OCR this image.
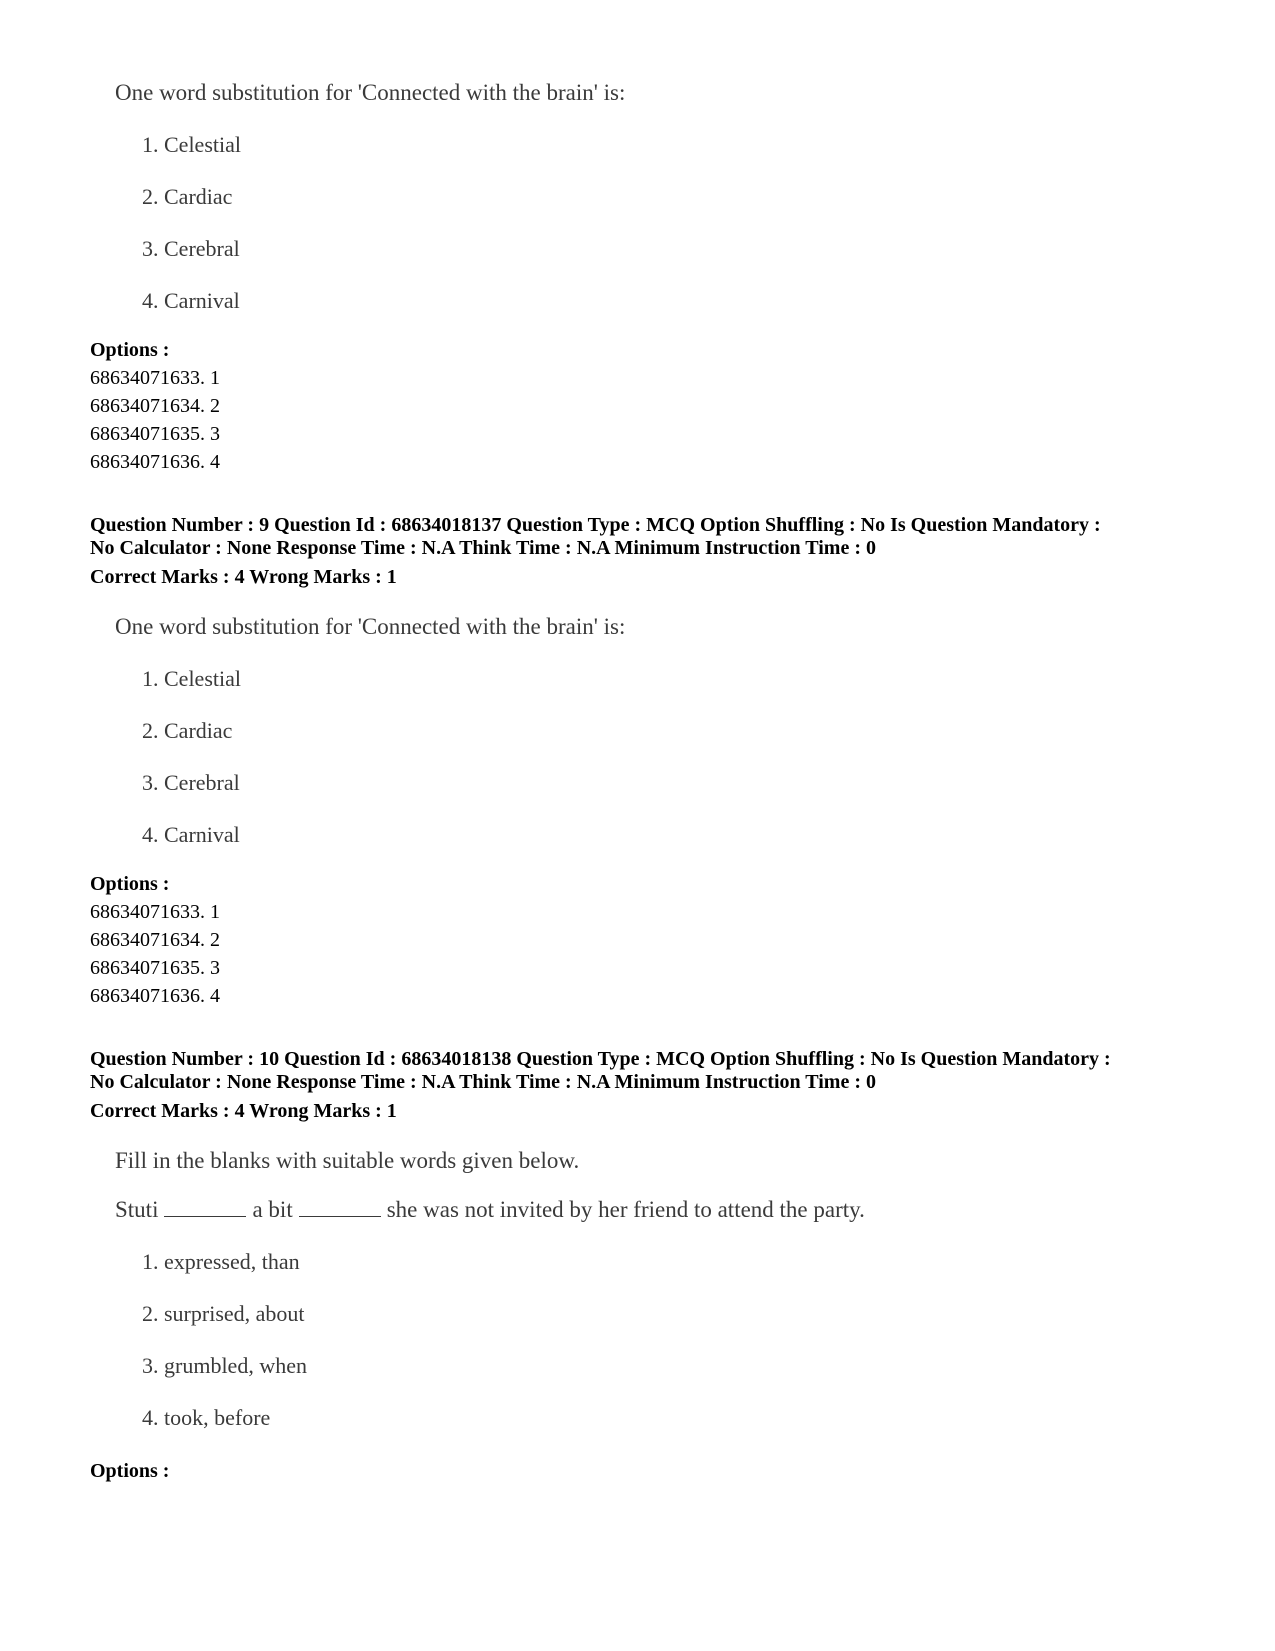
One word substitution for 'Connected with the brain' is:
1. Celestial
2. Cardiac
3. Cerebral
4. Carnival
Options :
68634071633. 1
68634071634. 2
68634071635. 3
68634071636. 4
Question Number : 9 Question Id : 68634018137 Question Type : MCQ Option Shuffling : No Is Question Mandatory :
No Calculator : None Response Time : N.A Think Time : N.A Minimum Instruction Time : 0
Correct Marks : 4 Wrong Marks : 1
One word substitution for 'Connected with the brain' is:
1. Celestial
2. Cardiac
3. Cerebral
4. Carnival
Options :
68634071633. 1
68634071634. 2
68634071635. 3
68634071636. 4
Question Number : 10 Question Id : 68634018138 Question Type : MCQ Option Shuffling : No Is Question Mandatory :
No Calculator : None Response Time : N.A Think Time : N.A Minimum Instruction Time : 0
Correct Marks : 4 Wrong Marks : 1
Fill in the blanks with suitable words given below.
Stuti	a bit	she was not invited by her friend to attend the party.
1. expressed, than
2. surprised, about
3. grumbled, when
4. took, before
Options :
